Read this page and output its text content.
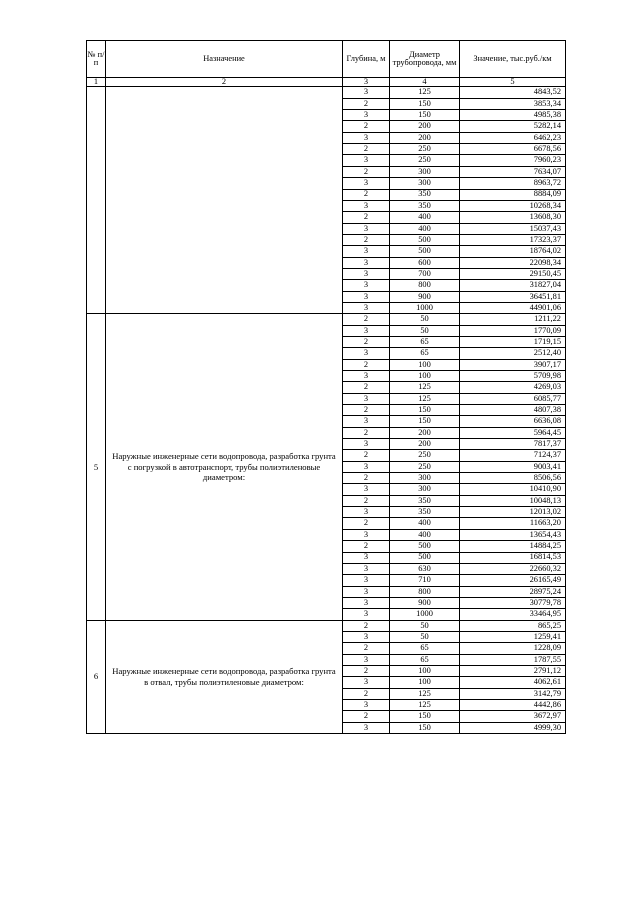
№ п/п	Назначение	Глубина, м	Диаметр трубопровода, мм	Значение, тыс.руб./км
1	2	3	4	5
		3	125	4843,52
		2	150	3853,34
		3	150	4985,38
		2	200	5282,14
		3	200	6462,23
		2	250	6678,56
		3	250	7960,23
		2	300	7634,07
		3	300	8963,72
		2	350	8884,09
		3	350	10268,34
		2	400	13608,30
		3	400	15037,43
		2	500	17323,37
		3	500	18764,02
		3	600	22098,34
		3	700	29150,45
		3	800	31827,04
		3	900	36451,81
		3	1000	44901,06
5	Наружные инженерные сети водопровода, разработка грунта с погрузкой в автотранспорт, трубы полиэтиленовые диаметром:	2	50	1211,22
		3	50	1770,09
		2	65	1719,15
		3	65	2512,40
		2	100	3907,17
		3	100	5709,98
		2	125	4269,03
		3	125	6085,77
		2	150	4807,38
		3	150	6636,08
		2	200	5964,45
		3	200	7817,37
		2	250	7124,37
		3	250	9003,41
		2	300	8506,56
		3	300	10410,90
		2	350	10048,13
		3	350	12013,02
		2	400	11663,20
		3	400	13654,43
		2	500	14884,25
		3	500	16814,53
		3	630	22660,32
		3	710	26165,49
		3	800	28975,24
		3	900	30779,78
		3	1000	33464,95
6	Наружные инженерные сети водопровода, разработка грунта в отвал, трубы полиэтиленовые диаметром:	2	50	865,25
		3	50	1259,41
		2	65	1228,09
		3	65	1787,55
		2	100	2791,12
		3	100	4062,61
		2	125	3142,79
		3	125	4442,86
		2	150	3672,97
		3	150	4999,30
